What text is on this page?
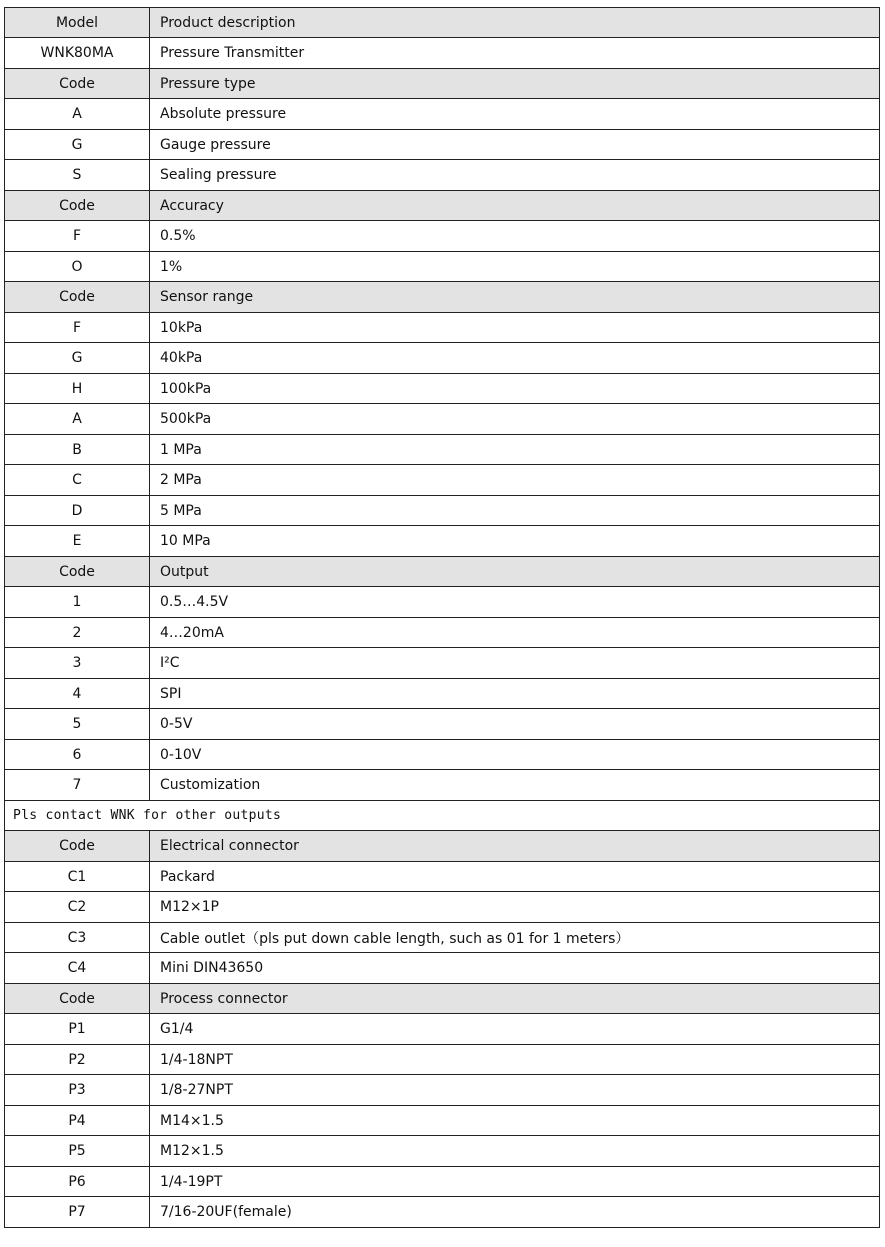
Model	Product description
WNK80MA	Pressure Transmitter
Code	Pressure type
A	Absolute pressure
G	Gauge pressure
S	Sealing pressure
Code	Accuracy
F	0.5%
O	1%
Code	Sensor range
F	10kPa
G	40kPa
H	100kPa
A	500kPa
B	1 MPa
C	2 MPa
D	5 MPa
E	10 MPa
Code	Output
1	0.5…4.5V
2	4…20mA
3	I²C
4	SPI
5	0-5V
6	0-10V
7	Customization
Pls contact WNK for other outputs	
Code	Electrical connector
C1	Packard
C2	M12×1P
C3	Cable outlet（pls put down cable length, such as 01 for 1 meters）
C4	Mini DIN43650
Code	Process connector
P1	G1/4
P2	1/4-18NPT
P3	1/8-27NPT
P4	M14×1.5
P5	M12×1.5
P6	1/4-19PT
P7	7/16-20UF(female)
